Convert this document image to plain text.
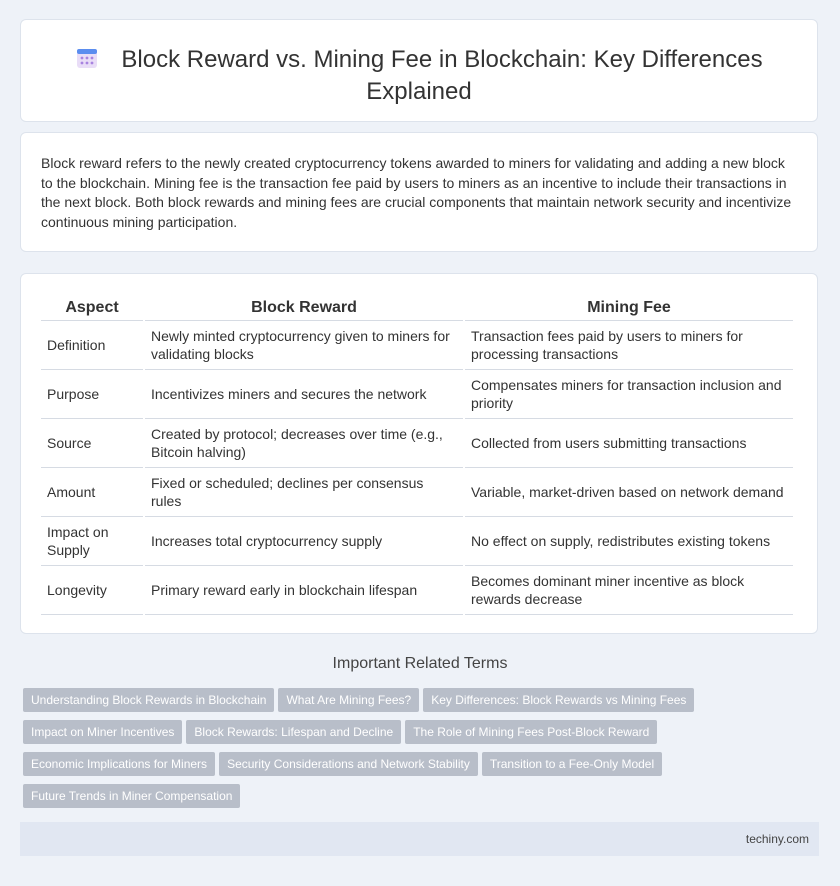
Block Reward vs. Mining Fee in Blockchain: Key Differences Explained
Block reward refers to the newly created cryptocurrency tokens awarded to miners for validating and adding a new block to the blockchain. Mining fee is the transaction fee paid by users to miners as an incentive to include their transactions in the next block. Both block rewards and mining fees are crucial components that maintain network security and incentivize continuous mining participation.
Aspect	Block Reward	Mining Fee
Definition	Newly minted cryptocurrency given to miners for validating blocks	Transaction fees paid by users to miners for processing transactions
Purpose	Incentivizes miners and secures the network	Compensates miners for transaction inclusion and priority
Source	Created by protocol; decreases over time (e.g., Bitcoin halving)	Collected from users submitting transactions
Amount	Fixed or scheduled; declines per consensus rules	Variable, market-driven based on network demand
Impact on Supply	Increases total cryptocurrency supply	No effect on supply, redistributes existing tokens
Longevity	Primary reward early in blockchain lifespan	Becomes dominant miner incentive as block rewards decrease
Important Related Terms
Understanding Block Rewards in Blockchain What Are Mining Fees? Key Differences: Block Rewards vs Mining Fees
Impact on Miner Incentives Block Rewards: Lifespan and Decline The Role of Mining Fees Post-Block Reward
Economic Implications for Miners Security Considerations and Network Stability Transition to a Fee-Only Model
Future Trends in Miner Compensation
techiny.com
